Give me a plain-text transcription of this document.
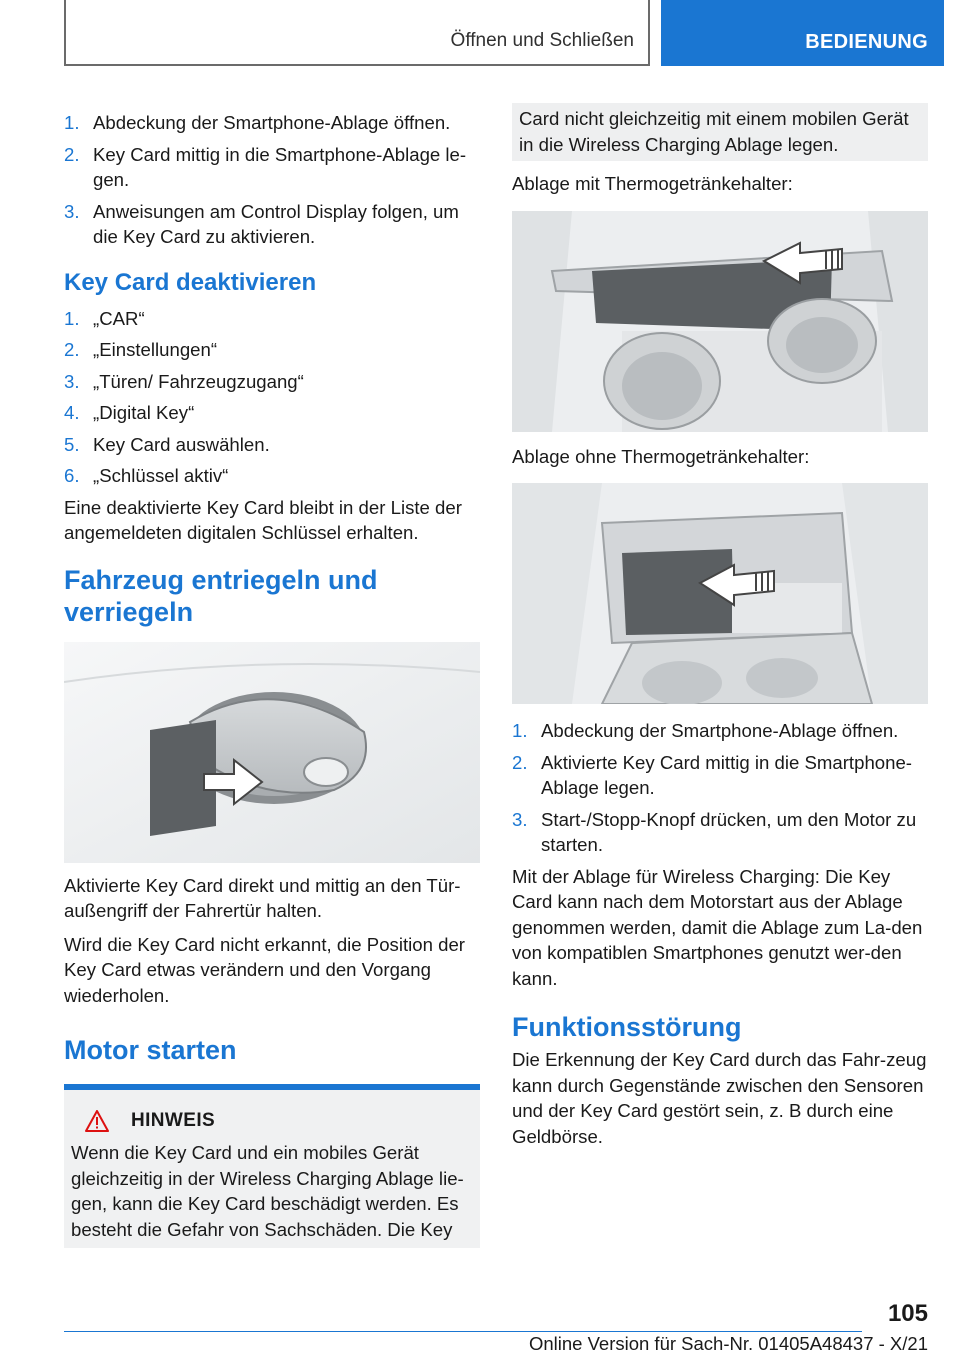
Öffnen und Schließen	BEDIENUNG
1. Abdeckung der Smartphone-Ablage öffnen.
2. Key Card mittig in die Smartphone-Ablage le-gen.
3. Anweisungen am Control Display folgen, um die Key Card zu aktivieren.
Key Card deaktivieren
1. „CAR“
2. „Einstellungen“
3. „Türen/ Fahrzeugzugang“
4. „Digital Key“
5. Key Card auswählen.
6. „Schlüssel aktiv“

Eine deaktivierte Key Card bleibt in der Liste der angemeldeten digitalen Schlüssel erhalten.

Fahrzeug entriegeln und verriegeln

Aktivierte Key Card direkt und mittig an den Tür-außengriff der Fahrertür halten.

Wird die Key Card nicht erkannt, die Position der Key Card etwas verändern und den Vorgang wiederholen.

Motor starten
HINWEIS

Wenn die Key Card und ein mobiles Gerät gleichzeitig in der Wireless Charging Ablage lie-gen, kann die Key Card beschädigt werden. Es besteht die Gefahr von Sachschäden. Die Key

Card nicht gleichzeitig mit einem mobilen Gerät in die Wireless Charging Ablage legen.

Ablage mit Thermogetränkehalter:

Ablage ohne Thermogetränkehalter:

1. Abdeckung der Smartphone-Ablage öffnen.
2. Aktivierte Key Card mittig in die Smartphone-Ablage legen.
3. Start-/Stopp-Knopf drücken, um den Motor zu starten.

Mit der Ablage für Wireless Charging: Die Key Card kann nach dem Motorstart aus der Ablage genommen werden, damit die Ablage zum La-den von kompatiblen Smartphones genutzt wer-den kann.

Funktionsstörung

Die Erkennung der Key Card durch das Fahr-zeug kann durch Gegenstände zwischen den Sensoren und der Key Card gestört sein, z. B durch eine Geldbörse.

105
Online Version für Sach-Nr. 01405A48437 - X/21
